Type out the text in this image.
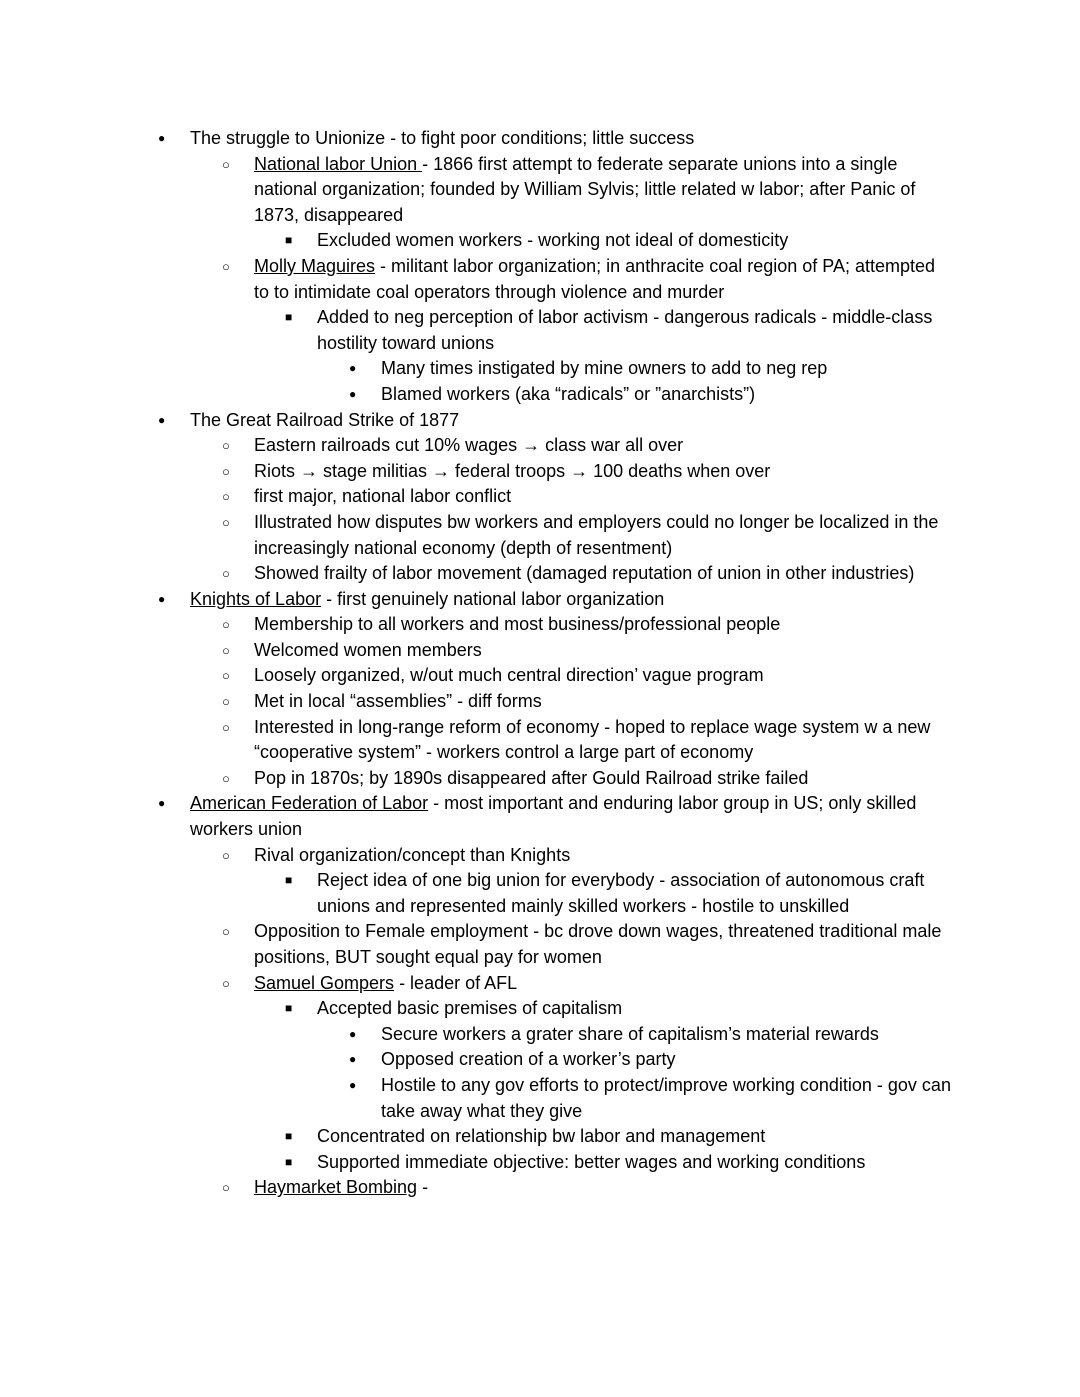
●	The struggle to Unionize - to fight poor conditions; little success
○	National labor Union - 1866 first attempt to federate separate unions into a single national organization; founded by William Sylvis; little related w labor; after Panic of 1873, disappeared
■	Excluded women workers - working not ideal of domesticity
○	Molly Maguires - militant labor organization; in anthracite coal region of PA; attempted to to intimidate coal operators through violence and murder
■	Added to neg perception of labor activism - dangerous radicals - middle-class hostility toward unions
●	Many times instigated by mine owners to add to neg rep
●	Blamed workers (aka “radicals” or ”anarchists”)
●	The Great Railroad Strike of 1877
○	Eastern railroads cut 10% wages → class war all over
○	Riots → stage militias → federal troops → 100 deaths when over
○	first major, national labor conflict
○	Illustrated how disputes bw workers and employers could no longer be localized in the increasingly national economy (depth of resentment)
○	Showed frailty of labor movement (damaged reputation of union in other industries)
●	Knights of Labor - first genuinely national labor organization
○	Membership to all workers and most business/professional people
○	Welcomed women members
○	Loosely organized, w/out much central direction’ vague program
○	Met in local “assemblies” - diff forms
○	Interested in long-range reform of economy - hoped to replace wage system w a new “cooperative system” - workers control a large part of economy
○	Pop in 1870s; by 1890s disappeared after Gould Railroad strike failed
●	American Federation of Labor - most important and enduring labor group in US; only skilled workers union
○	Rival organization/concept than Knights
■	Reject idea of one big union for everybody - association of autonomous craft unions and represented mainly skilled workers - hostile to unskilled
○	Opposition to Female employment - bc drove down wages, threatened traditional male positions, BUT sought equal pay for women
○	Samuel Gompers - leader of AFL
■	Accepted basic premises of capitalism
●	Secure workers a grater share of capitalism’s material rewards
●	Opposed creation of a worker’s party
●	Hostile to any gov efforts to protect/improve working condition - gov can take away what they give
■	Concentrated on relationship bw labor and management
■	Supported immediate objective: better wages and working conditions
○	Haymarket Bombing -
